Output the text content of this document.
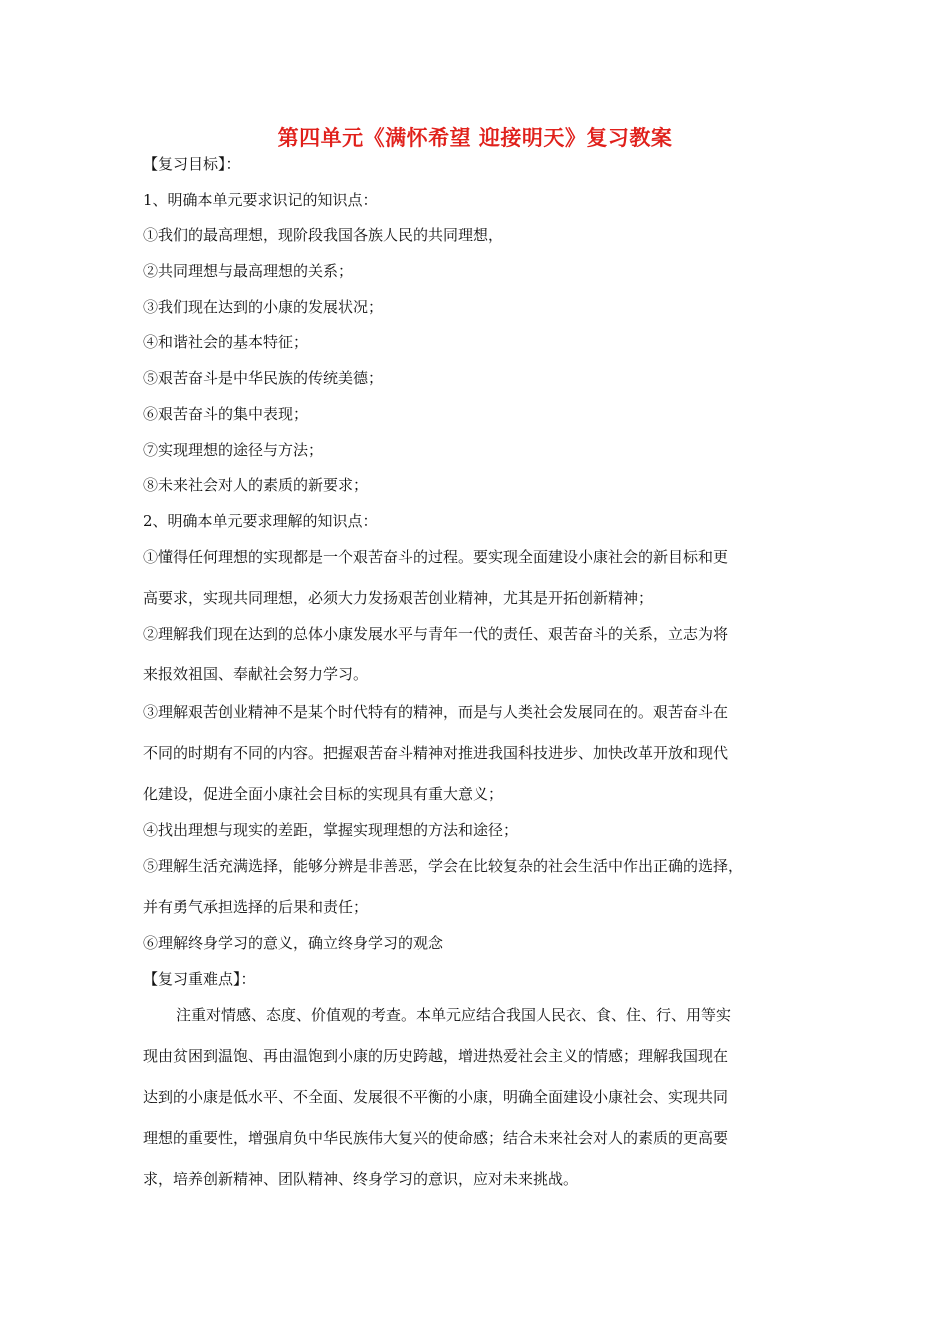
第四单元《满怀希望 迎接明天》复习教案
【复习目标】：
1、明确本单元要求识记的知识点：
①我们的最高理想，现阶段我国各族人民的共同理想，
②共同理想与最高理想的关系；
③我们现在达到的小康的发展状况；
④和谐社会的基本特征；
⑤艰苦奋斗是中华民族的传统美德；
⑥艰苦奋斗的集中表现；
⑦实现理想的途径与方法；
⑧未来社会对人的素质的新要求；
2、明确本单元要求理解的知识点：
①懂得任何理想的实现都是一个艰苦奋斗的过程。要实现全面建设小康社会的新目标和更
高要求，实现共同理想，必须大力发扬艰苦创业精神，尤其是开拓创新精神；
②理解我们现在达到的总体小康发展水平与青年一代的责任、艰苦奋斗的关系，立志为将
来报效祖国、奉献社会努力学习。
③理解艰苦创业精神不是某个时代特有的精神，而是与人类社会发展同在的。艰苦奋斗在
不同的时期有不同的内容。把握艰苦奋斗精神对推进我国科技进步、加快改革开放和现代
化建设，促进全面小康社会目标的实现具有重大意义；
④找出理想与现实的差距，掌握实现理想的方法和途径；
⑤理解生活充满选择，能够分辨是非善恶，学会在比较复杂的社会生活中作出正确的选择，
并有勇气承担选择的后果和责任；
⑥理解终身学习的意义，确立终身学习的观念
【复习重难点】：
注重对情感、态度、价值观的考查。本单元应结合我国人民衣、食、住、行、用等实
现由贫困到温饱、再由温饱到小康的历史跨越，增进热爱社会主义的情感；理解我国现在
达到的小康是低水平、不全面、发展很不平衡的小康，明确全面建设小康社会、实现共同
理想的重要性，增强肩负中华民族伟大复兴的使命感；结合未来社会对人的素质的更高要
求，培养创新精神、团队精神、终身学习的意识，应对未来挑战。
